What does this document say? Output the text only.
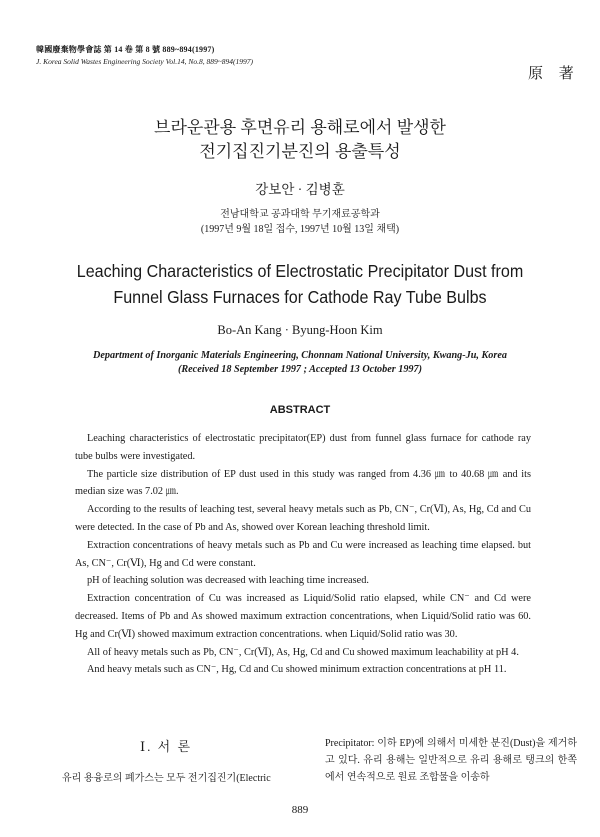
韓國廢棄物學會誌 第 14 卷 第 8 號 889~894(1997)
J. Korea Solid Wastes Engineering Society Vol.14, No.8, 889~894(1997)
原 著
브라운관용 후면유리 용해로에서 발생한
전기집진기분진의 용출특성
강보안 · 김병훈
전남대학교 공과대학 무기재료공학과
(1997년 9월 18일 접수, 1997년 10월 13일 채택)
Leaching Characteristics of Electrostatic Precipitator Dust from
Funnel Glass Furnaces for Cathode Ray Tube Bulbs
Bo-An Kang · Byung-Hoon Kim
Department of Inorganic Materials Engineering, Chonnam National University, Kwang-Ju, Korea
(Received 18 September 1997 ; Accepted 13 October 1997)
ABSTRACT

Leaching characteristics of electrostatic precipitator(EP) dust from funnel glass furnace for cathode ray tube bulbs were investigated.

The particle size distribution of EP dust used in this study was ranged from 4.36 ㎛ to 40.68 ㎛ and its median size was 7.02 ㎛.

According to the results of leaching test, several heavy metals such as Pb, CN⁻, Cr(Ⅵ), As, Hg, Cd and Cu were detected. In the case of Pb and As, showed over Korean leaching threshold limit.

Extraction concentrations of heavy metals such as Pb and Cu were increased as leaching time elapsed. but As, CN⁻, Cr(Ⅵ), Hg and Cd were constant.

pH of leaching solution was decreased with leaching time increased.

Extraction concentration of Cu was increased as Liquid/Solid ratio elapsed, while CN⁻ and Cd were decreased. Items of Pb and As showed maximum extraction concentrations, when Liquid/Solid ratio was 60. Hg and Cr(Ⅵ) showed maximum extraction concentrations. when Liquid/Solid ratio was 30.

All of heavy metals such as Pb, CN⁻, Cr(Ⅵ), As, Hg, Cd and Cu showed maximum leachability at pH 4.

And heavy metals such as CN⁻, Hg, Cd and Cu showed minimum extraction concentrations at pH 11.

Ⅰ. 서 론
유리 용융로의 폐가스는 모두 전기집진기(Electric
Precipitator: 이하 EP)에 의해서 미세한 분진(Dust)을 제거하고 있다. 유리 용해는 일반적으로 유리 용해로 탱크의 한쪽에서 연속적으로 원료 조합물을 이송하
889
